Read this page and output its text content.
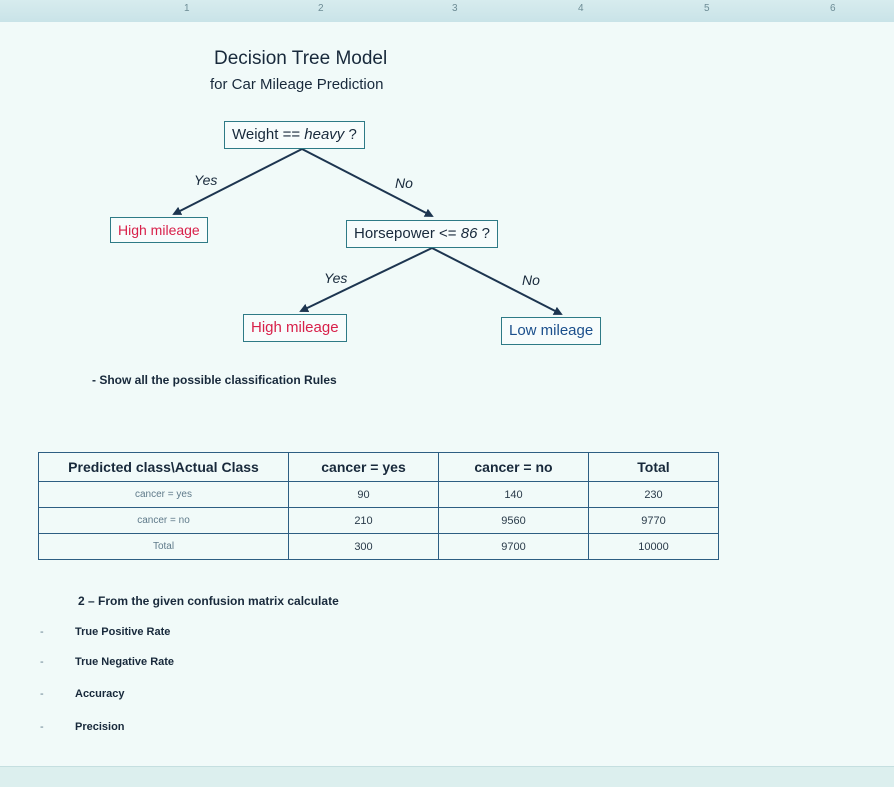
1	2	3	4	5	6
Decision Tree Model
for Car Mileage Prediction
Weight == heavy ?
Yes	No
High mileage	Horsepower <= 86 ?
Yes	No
High mileage	Low mileage
- Show all the possible classification Rules
Predicted class\Actual Class	cancer = yes	cancer = no	Total
cancer = yes	90	140	230
cancer = no	210	9560	9770
Total	300	9700	10000
2 – From the given confusion matrix calculate
-	True Positive Rate
-	True Negative Rate
-	Accuracy
-	Precision
